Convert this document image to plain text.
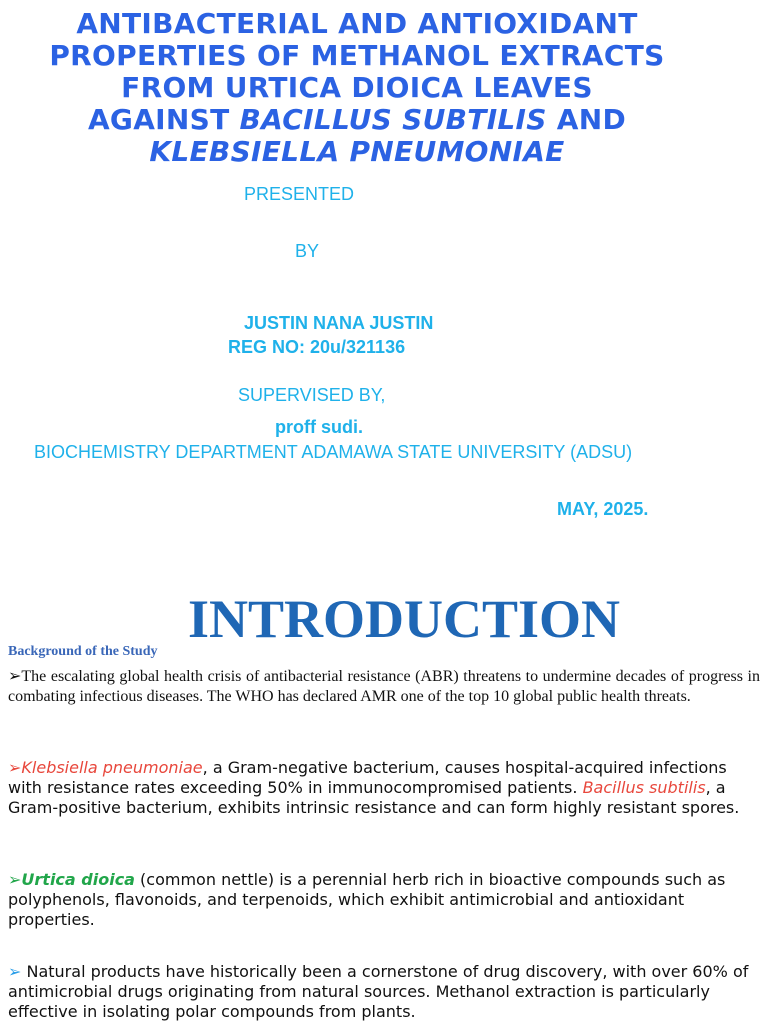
ANTIBACTERIAL AND ANTIOXIDANT
PROPERTIES OF METHANOL EXTRACTS
FROM URTICA DIOICA LEAVES
AGAINST BACILLUS SUBTILIS AND
KLEBSIELLA PNEUMONIAE
PRESENTED
BY
JUSTIN NANA JUSTIN
REG NO: 20u/321136
SUPERVISED BY,
proff sudi.
BIOCHEMISTRY DEPARTMENT ADAMAWA STATE UNIVERSITY (ADSU)
MAY, 2025.
INTRODUCTION
Background of the Study
➢The escalating global health crisis of antibacterial resistance (ABR) threatens to undermine decades of progress in combating infectious diseases. The WHO has declared AMR one of the top 10 global public health threats.
➢Klebsiella pneumoniae, a Gram-negative bacterium, causes hospital-acquired infections with resistance rates exceeding 50% in immunocompromised patients. Bacillus subtilis, a Gram-positive bacterium, exhibits intrinsic resistance and can form highly resistant spores.
➢Urtica dioica (common nettle) is a perennial herb rich in bioactive compounds such as polyphenols, flavonoids, and terpenoids, which exhibit antimicrobial and antioxidant properties.
➢ Natural products have historically been a cornerstone of drug discovery, with over 60% of antimicrobial drugs originating from natural sources. Methanol extraction is particularly effective in isolating polar compounds from plants.
